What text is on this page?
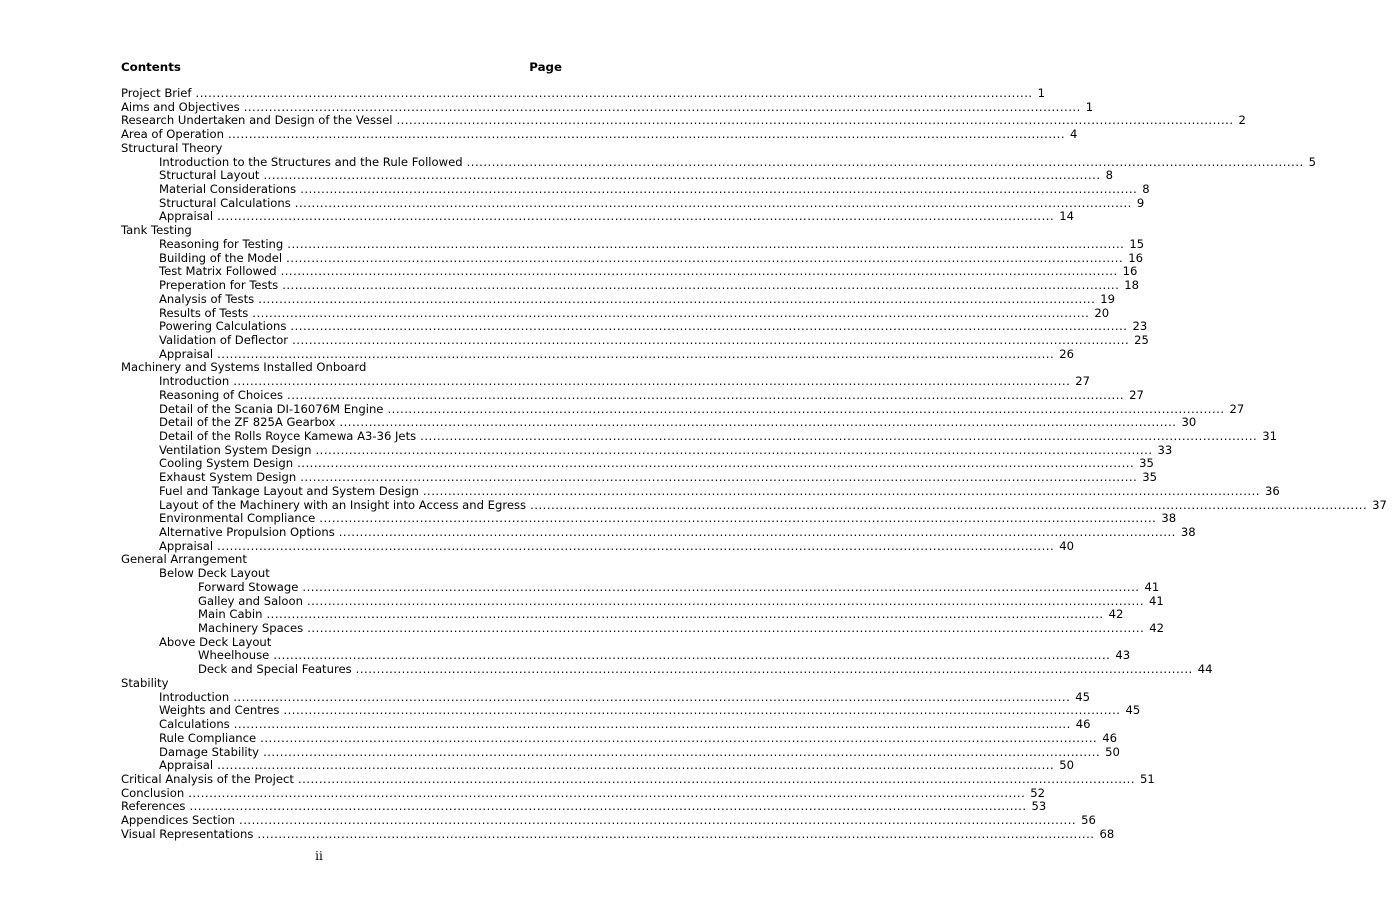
Contents	Page
Project Brief ........................................................................................................................................................................................................ 1
Aims and Objectives ........................................................................................................................................................................................................ 1
Research Undertaken and Design of the Vessel ........................................................................................................................................................................................................ 2
Area of Operation ........................................................................................................................................................................................................ 4
Structural Theory
Introduction to the Structures and the Rule Followed ........................................................................................................................................................................................................ 5
Structural Layout ........................................................................................................................................................................................................ 8
Material Considerations ........................................................................................................................................................................................................ 8
Structural Calculations ........................................................................................................................................................................................................ 9
Appraisal ........................................................................................................................................................................................................ 14
Tank Testing
Reasoning for Testing ........................................................................................................................................................................................................ 15
Building of the Model ........................................................................................................................................................................................................ 16
Test Matrix Followed ........................................................................................................................................................................................................ 16
Preperation for Tests ........................................................................................................................................................................................................ 18
Analysis of Tests ........................................................................................................................................................................................................ 19
Results of Tests ........................................................................................................................................................................................................ 20
Powering Calculations ........................................................................................................................................................................................................ 23
Validation of Deflector ........................................................................................................................................................................................................ 25
Appraisal ........................................................................................................................................................................................................ 26
Machinery and Systems Installed Onboard
Introduction ........................................................................................................................................................................................................ 27
Reasoning of Choices ........................................................................................................................................................................................................ 27
Detail of the Scania DI-16076M Engine ........................................................................................................................................................................................................ 27
Detail of the ZF 825A Gearbox ........................................................................................................................................................................................................ 30
Detail of the Rolls Royce Kamewa A3-36 Jets ........................................................................................................................................................................................................ 31
Ventilation System Design ........................................................................................................................................................................................................ 33
Cooling System Design ........................................................................................................................................................................................................ 35
Exhaust System Design ........................................................................................................................................................................................................ 35
Fuel and Tankage Layout and System Design ........................................................................................................................................................................................................ 36
Layout of the Machinery with an Insight into Access and Egress ........................................................................................................................................................................................................ 37
Environmental Compliance ........................................................................................................................................................................................................ 38
Alternative Propulsion Options ........................................................................................................................................................................................................ 38
Appraisal ........................................................................................................................................................................................................ 40
General Arrangement
Below Deck Layout
Forward Stowage ........................................................................................................................................................................................................ 41
Galley and Saloon ........................................................................................................................................................................................................ 41
Main Cabin ........................................................................................................................................................................................................ 42
Machinery Spaces ........................................................................................................................................................................................................ 42
Above Deck Layout
Wheelhouse ........................................................................................................................................................................................................ 43
Deck and Special Features ........................................................................................................................................................................................................ 44
Stability
Introduction ........................................................................................................................................................................................................ 45
Weights and Centres ........................................................................................................................................................................................................ 45
Calculations ........................................................................................................................................................................................................ 46
Rule Compliance ........................................................................................................................................................................................................ 46
Damage Stability ........................................................................................................................................................................................................ 50
Appraisal ........................................................................................................................................................................................................ 50
Critical Analysis of the Project ........................................................................................................................................................................................................ 51
Conclusion ........................................................................................................................................................................................................ 52
References ........................................................................................................................................................................................................ 53
Appendices Section ........................................................................................................................................................................................................ 56
Visual Representations ........................................................................................................................................................................................................ 68
ii
